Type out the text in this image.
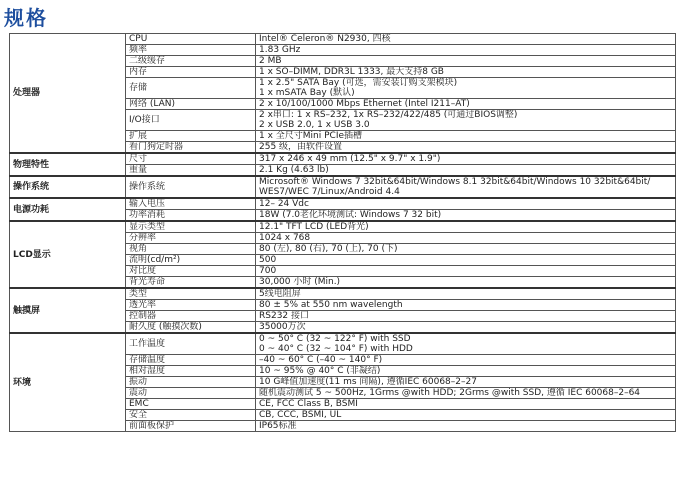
规格
处理器	CPU	Intel® Celeron® N2930, 四核
	频率	1.83 GHz
	二级缓存	2 MB
	内存	1 x SO–DIMM, DDR3L 1333, 最大支持8 GB
	存储	1 x 2.5" SATA Bay (可选，需安装订购支架模块)
1 x mSATA Bay (默认)
	网络 (LAN)	2 x 10/100/1000 Mbps Ethernet (Intel I211–AT)
	I/O接口	2 x串口: 1 x RS–232, 1x RS–232/422/485 (可通过BIOS调整)
2 x USB 2.0, 1 x USB 3.0
	扩展	1 x 全尺寸Mini PCIe插槽
	看门狗定时器	255 级，由软件设置
物理特性	尺寸	317 x 246 x 49 mm (12.5" x 9.7" x 1.9")
	重量	2.1 Kg (4.63 lb)
操作系统	操作系统	Microsoft® Windows 7 32bit&64bit/Windows 8.1 32bit&64bit/Windows 10 32bit&64bit/
WES7/WEC 7/Linux/Android 4.4
电源功耗	输入电压	12– 24 Vdc
	功率消耗	18W (7.0老化环境测试: Windows 7 32 bit)
LCD显示	显示类型	12.1" TFT LCD (LED背光)
	分辨率	1024 x 768
	视角	80 (左), 80 (右), 70 (上), 70 (下)
	流明(cd/m²)	500
	对比度	700
	背光寿命	30,000 小时 (Min.)
触摸屏	类型	5线电阻屏
	透光率	80 ± 5% at 550 nm wavelength
	控制器	RS232 接口
	耐久度 (触摸次数)	35000万次
环境	工作温度	0 ~ 50° C (32 ~ 122° F) with SSD
0 ~ 40° C (32 ~ 104° F) with HDD
	存储温度	–40 ~ 60° C (–40 ~ 140° F)
	相对湿度	10 ~ 95% @ 40° C (非凝结)
	振动	10 G峰值加速度(11 ms 间隔), 遵循IEC 60068–2–27
	震动	随机震动测试 5 ~ 500Hz, 1Grms @with HDD; 2Grms @with SSD, 遵循 IEC 60068–2–64
	EMC	CE, FCC Class B, BSMI
	安全	CB, CCC, BSMI, UL
	前面板保护	IP65标准
